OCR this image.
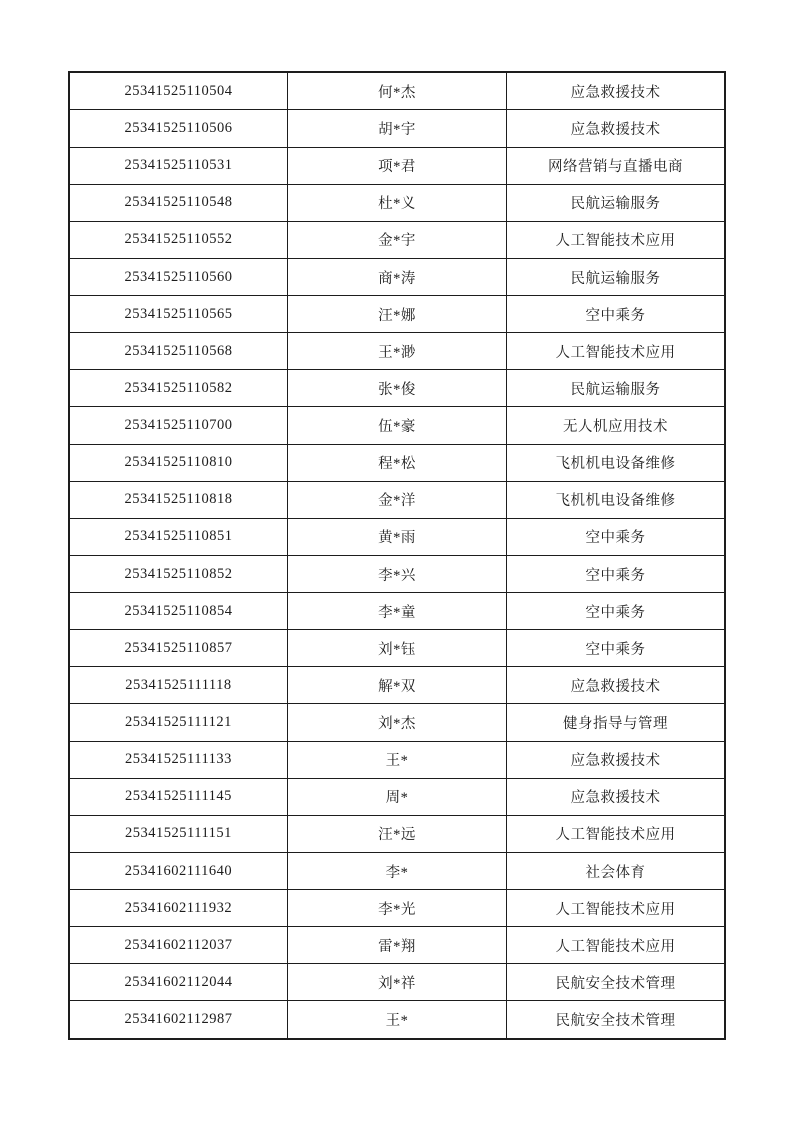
25341525110504	何*杰	应急救援技术
25341525110506	胡*宇	应急救援技术
25341525110531	项*君	网络营销与直播电商
25341525110548	杜*义	民航运输服务
25341525110552	金*宇	人工智能技术应用
25341525110560	商*涛	民航运输服务
25341525110565	汪*娜	空中乘务
25341525110568	王*渺	人工智能技术应用
25341525110582	张*俊	民航运输服务
25341525110700	伍*豪	无人机应用技术
25341525110810	程*松	飞机机电设备维修
25341525110818	金*洋	飞机机电设备维修
25341525110851	黄*雨	空中乘务
25341525110852	李*兴	空中乘务
25341525110854	李*童	空中乘务
25341525110857	刘*钰	空中乘务
25341525111118	解*双	应急救援技术
25341525111121	刘*杰	健身指导与管理
25341525111133	王*	应急救援技术
25341525111145	周*	应急救援技术
25341525111151	汪*远	人工智能技术应用
25341602111640	李*	社会体育
25341602111932	李*光	人工智能技术应用
25341602112037	雷*翔	人工智能技术应用
25341602112044	刘*祥	民航安全技术管理
25341602112987	王*	民航安全技术管理
